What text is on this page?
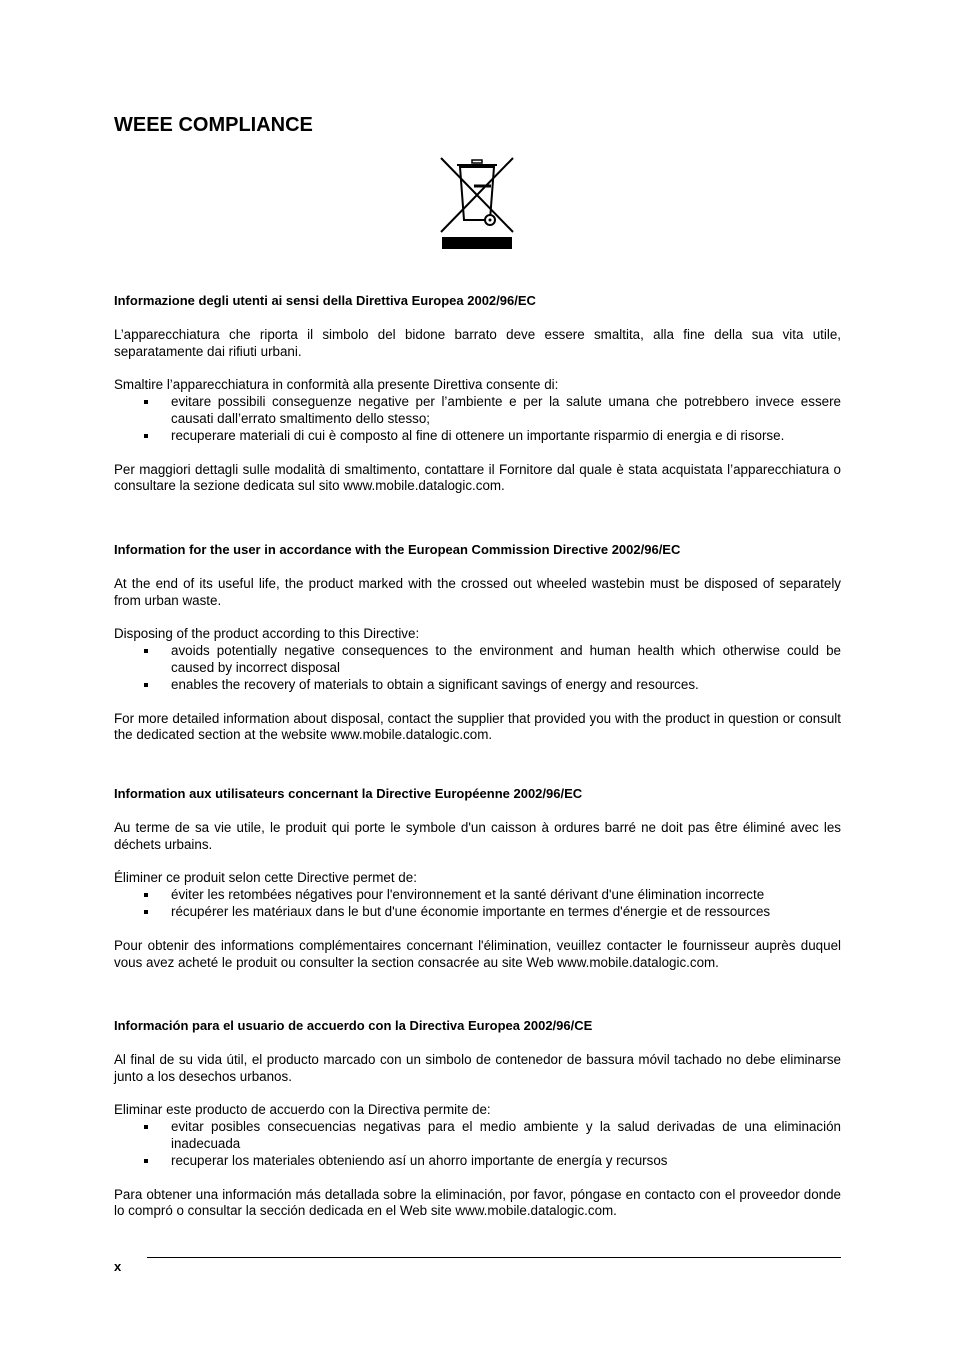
WEEE COMPLIANCE

Informazione degli utenti ai sensi della Direttiva Europea 2002/96/EC

L’apparecchiatura che riporta il simbolo del bidone barrato deve essere smaltita, alla fine della sua vita utile, separatamente dai rifiuti urbani.

Smaltire l’apparecchiatura in conformità alla presente Direttiva consente di:

evitare possibili conseguenze negative per l’ambiente e per la salute umana che potrebbero invece essere causati dall’errato smaltimento dello stesso;
recuperare materiali di cui è composto al fine di ottenere un importante risparmio di energia e di risorse.

Per maggiori dettagli sulle modalità di smaltimento, contattare il Fornitore dal quale è stata acquistata l’apparecchiatura o consultare la sezione dedicata sul sito www.mobile.datalogic.com.

Information for the user in accordance with the European Commission Directive 2002/96/EC

At the end of its useful life, the product marked with the crossed out wheeled wastebin must be disposed of separately from urban waste.

Disposing of the product according to this Directive:

avoids potentially negative consequences to the environment and human health which otherwise could be caused by incorrect disposal
enables the recovery of materials to obtain a significant savings of energy and resources.

For more detailed information about disposal, contact the supplier that provided you with the product in question or consult the dedicated section at the website www.mobile.datalogic.com.

Information aux utilisateurs concernant la Directive Européenne 2002/96/EC

Au terme de sa vie utile, le produit qui porte le symbole d'un caisson à ordures barré ne doit pas être éliminé avec les déchets urbains.

Éliminer ce produit selon cette Directive permet de:

éviter les retombées négatives pour l'environnement et la santé dérivant d'une élimination incorrecte
récupérer les matériaux dans le but d'une économie importante en termes d'énergie et de ressources

Pour obtenir des informations complémentaires concernant l'élimination, veuillez contacter le fournisseur auprès duquel vous avez acheté le produit ou consulter la section consacrée au site Web www.mobile.datalogic.com.

Información para el usuario de accuerdo con la Directiva Europea 2002/96/CE

Al final de su vida útil, el producto marcado con un simbolo de contenedor de bassura móvil tachado no debe eliminarse junto a los desechos urbanos.

Eliminar este producto de accuerdo con la Directiva permite de:

evitar posibles consecuencias negativas para el medio ambiente y la salud derivadas de una eliminación inadecuada
recuperar los materiales obteniendo así un ahorro importante de energía y recursos

Para obtener una información más detallada sobre la eliminación, por favor, póngase en contacto con el proveedor donde lo compró o consultar la sección dedicada en el Web site www.mobile.datalogic.com.

x
